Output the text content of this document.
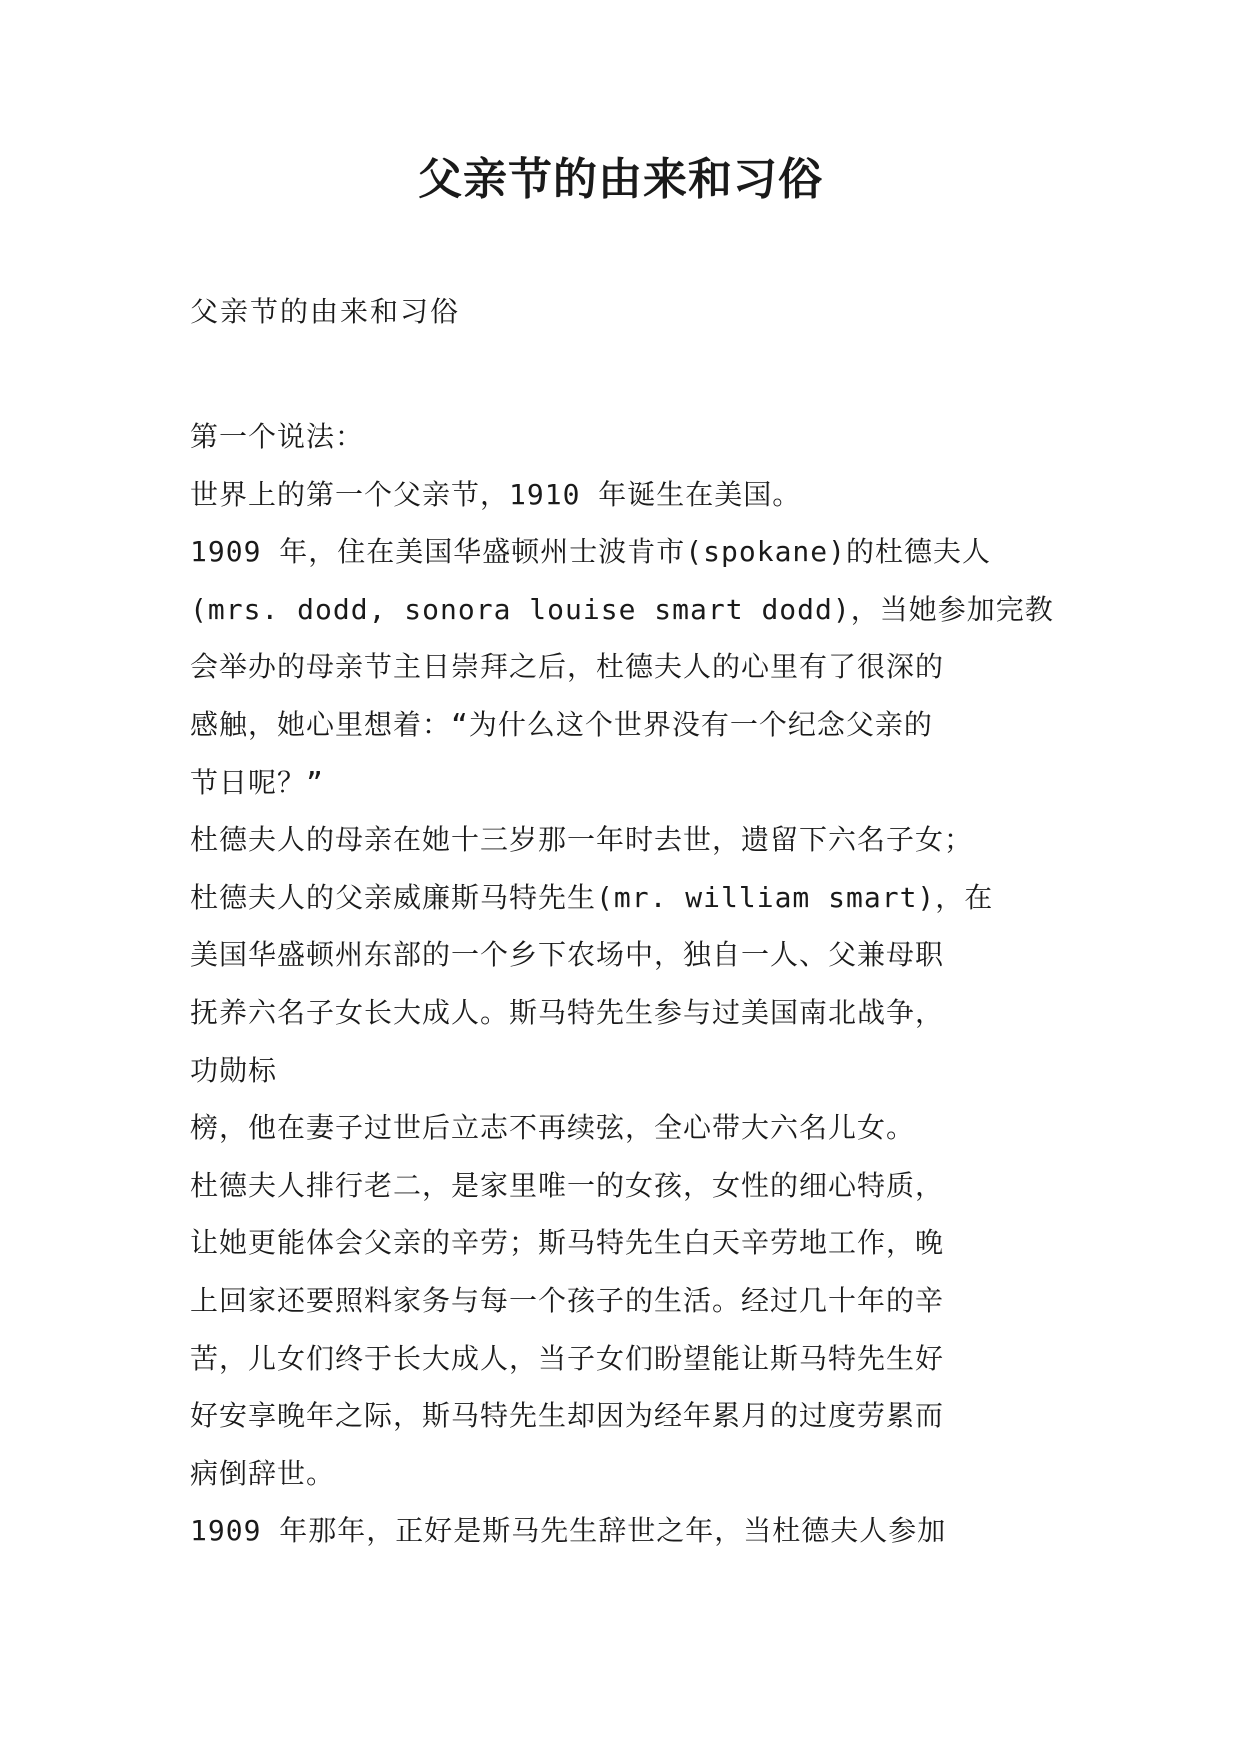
父亲节的由来和习俗

父亲节的由来和习俗

第一个说法：
世界上的第一个父亲节，1910 年诞生在美国。
1909 年，住在美国华盛顿州士波肯市(spokane)的杜德夫人
(mrs. dodd, sonora louise smart dodd)，当她参加完教
会举办的母亲节主日崇拜之后，杜德夫人的心里有了很深的
感触，她心里想着：“为什么这个世界没有一个纪念父亲的
节日呢？”
杜德夫人的母亲在她十三岁那一年时去世，遗留下六名子女；
杜德夫人的父亲威廉斯马特先生(mr. william smart)，在
美国华盛顿州东部的一个乡下农场中，独自一人、父兼母职
抚养六名子女长大成人。斯马特先生参与过美国南北战争，
功勋标
榜，他在妻子过世后立志不再续弦，全心带大六名儿女。
杜德夫人排行老二，是家里唯一的女孩，女性的细心特质，
让她更能体会父亲的辛劳；斯马特先生白天辛劳地工作，晚
上回家还要照料家务与每一个孩子的生活。经过几十年的辛
苦，儿女们终于长大成人，当子女们盼望能让斯马特先生好
好安享晚年之际，斯马特先生却因为经年累月的过度劳累而
病倒辞世。
1909 年那年，正好是斯马先生辞世之年，当杜德夫人参加
